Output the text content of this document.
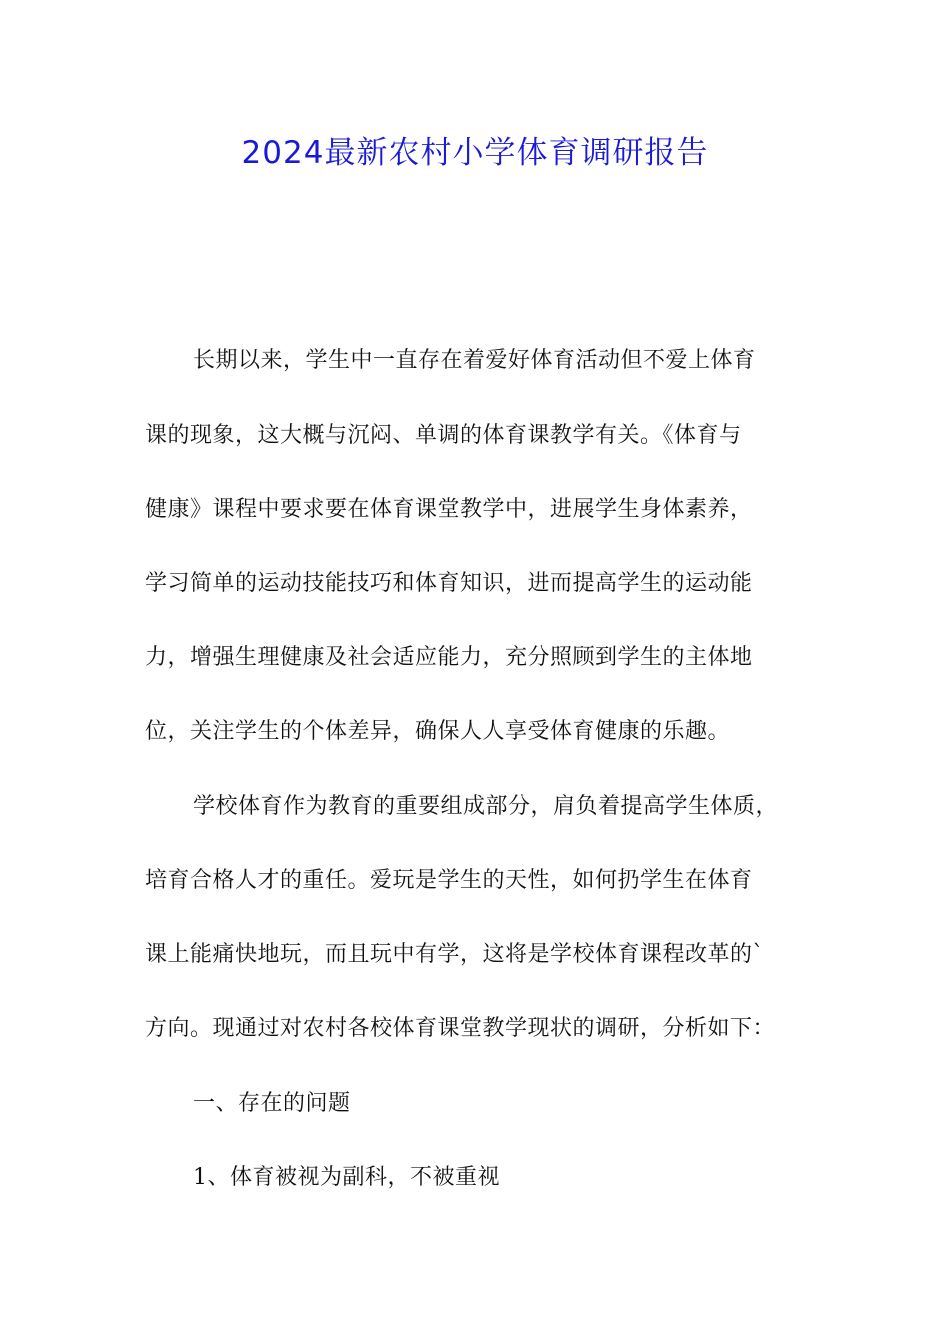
2024最新农村小学体育调研报告
长期以来，学生中一直存在着爱好体育活动但不爱上体育
课的现象，这大概与沉闷、单调的体育课教学有关。《体育与
健康》课程中要求要在体育课堂教学中，进展学生身体素养，
学习简单的运动技能技巧和体育知识，进而提高学生的运动能
力，增强生理健康及社会适应能力，充分照顾到学生的主体地
位，关注学生的个体差异，确保人人享受体育健康的乐趣。
学校体育作为教育的重要组成部分，肩负着提高学生体质，
培育合格人才的重任。爱玩是学生的天性，如何扔学生在体育
课上能痛快地玩，而且玩中有学，这将是学校体育课程改革的`
方向。现通过对农村各校体育课堂教学现状的调研，分析如下：
一、存在的问题
1、体育被视为副科，不被重视
